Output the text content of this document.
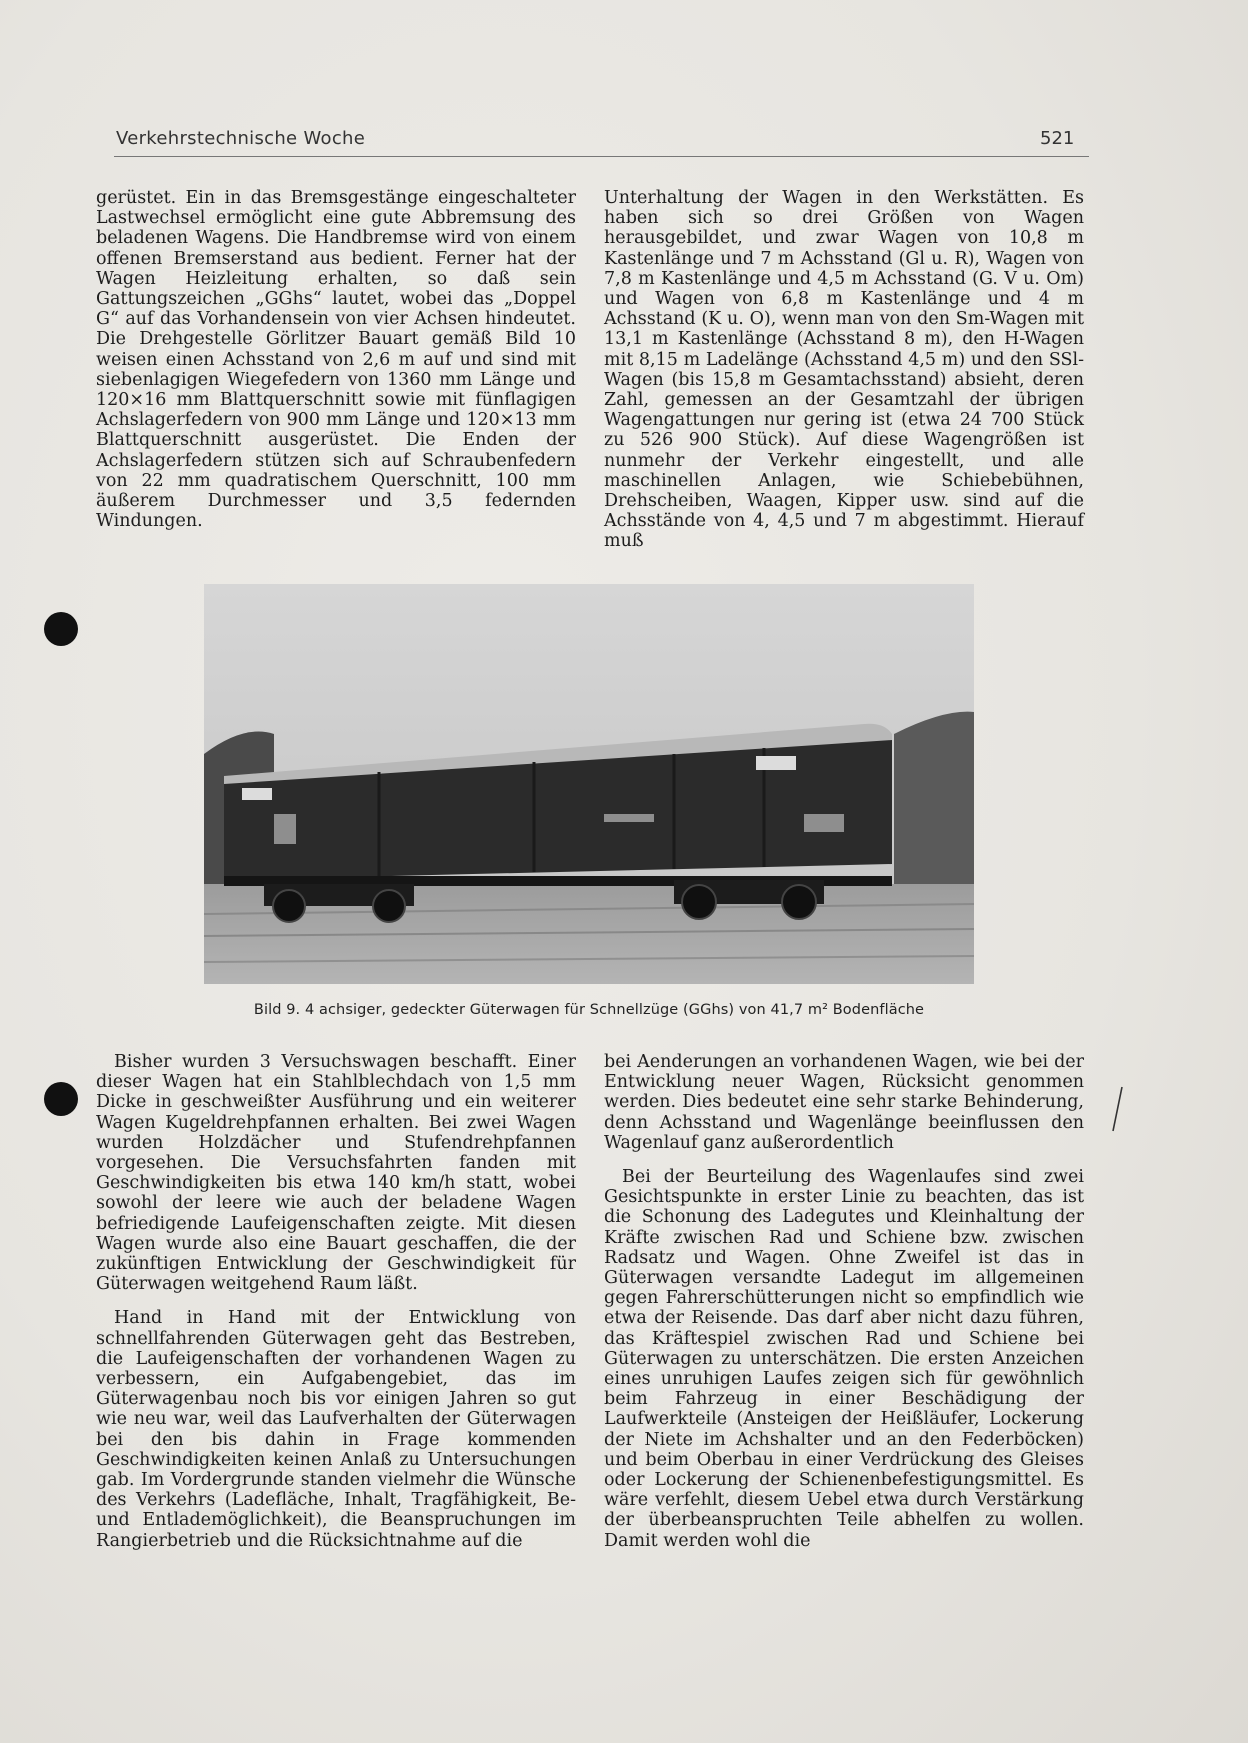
Verkehrstechnische Woche	521

gerüstet. Ein in das Bremsgestänge eingeschalteter Lastwechsel ermöglicht eine gute Abbremsung des beladenen Wagens. Die Handbremse wird von einem offenen Bremserstand aus bedient. Ferner hat der Wagen Heizleitung erhalten, so daß sein Gattungszeichen „GGhs“ lautet, wobei das „Doppel G“ auf das Vorhandensein von vier Achsen hindeutet. Die Drehgestelle Görlitzer Bauart gemäß Bild 10 weisen einen Achsstand von 2,6 m auf und sind mit siebenlagigen Wiegefedern von 1360 mm Länge und 120×16 mm Blattquerschnitt sowie mit fünflagigen Achslagerfedern von 900 mm Länge und 120×13 mm Blattquerschnitt ausgerüstet. Die Enden der Achslagerfedern stützen sich auf Schraubenfedern von 22 mm quadratischem Querschnitt, 100 mm äußerem Durchmesser und 3,5 federnden Windungen.

Unterhaltung der Wagen in den Werkstätten. Es haben sich so drei Größen von Wagen herausgebildet, und zwar Wagen von 10,8 m Kastenlänge und 7 m Achsstand (Gl u. R), Wagen von 7,8 m Kastenlänge und 4,5 m Achsstand (G. V u. Om) und Wagen von 6,8 m Kastenlänge und 4 m Achsstand (K u. O), wenn man von den Sm-Wagen mit 13,1 m Kastenlänge (Achsstand 8 m), den H-Wagen mit 8,15 m Ladelänge (Achsstand 4,5 m) und den SSl-Wagen (bis 15,8 m Gesamtachsstand) absieht, deren Zahl, gemessen an der Gesamtzahl der übrigen Wagengattungen nur gering ist (etwa 24 700 Stück zu 526 900 Stück). Auf diese Wagengrößen ist nunmehr der Verkehr eingestellt, und alle maschinellen Anlagen, wie Schiebebühnen, Drehscheiben, Waagen, Kipper usw. sind auf die Achsstände von 4, 4,5 und 7 m abgestimmt. Hierauf muß

Bild 9. 4 achsiger, gedeckter Güterwagen für Schnellzüge (GGhs) von 41,7 m² Bodenfläche

Bisher wurden 3 Versuchswagen beschafft. Einer dieser Wagen hat ein Stahlblechdach von 1,5 mm Dicke in geschweißter Ausführung und ein weiterer Wagen Kugeldrehpfannen erhalten. Bei zwei Wagen wurden Holzdächer und Stufendrehpfannen vorgesehen. Die Versuchsfahrten fanden mit Geschwindigkeiten bis etwa 140 km/h statt, wobei sowohl der leere wie auch der beladene Wagen befriedigende Laufeigenschaften zeigte. Mit diesen Wagen wurde also eine Bauart geschaffen, die der zukünftigen Entwicklung der Geschwindigkeit für Güterwagen weitgehend Raum läßt.

Hand in Hand mit der Entwicklung von schnellfahrenden Güterwagen geht das Bestreben, die Laufeigenschaften der vorhandenen Wagen zu verbessern, ein Aufgabengebiet, das im Güterwagenbau noch bis vor einigen Jahren so gut wie neu war, weil das Laufverhalten der Güterwagen bei den bis dahin in Frage kommenden Geschwindigkeiten keinen Anlaß zu Untersuchungen gab. Im Vordergrunde standen vielmehr die Wünsche des Verkehrs (Ladefläche, Inhalt, Tragfähigkeit, Be- und Entlademöglichkeit), die Beanspruchungen im Rangierbetrieb und die Rücksichtnahme auf die

bei Aenderungen an vorhandenen Wagen, wie bei der Entwicklung neuer Wagen, Rücksicht genommen werden. Dies bedeutet eine sehr starke Behinderung, denn Achsstand und Wagenlänge beeinflussen den Wagenlauf ganz außerordentlich

Bei der Beurteilung des Wagenlaufes sind zwei Gesichtspunkte in erster Linie zu beachten, das ist die Schonung des Ladegutes und Kleinhaltung der Kräfte zwischen Rad und Schiene bzw. zwischen Radsatz und Wagen. Ohne Zweifel ist das in Güterwagen versandte Ladegut im allgemeinen gegen Fahrerschütterungen nicht so empfindlich wie etwa der Reisende. Das darf aber nicht dazu führen, das Kräftespiel zwischen Rad und Schiene bei Güterwagen zu unterschätzen. Die ersten Anzeichen eines unruhigen Laufes zeigen sich für gewöhnlich beim Fahrzeug in einer Beschädigung der Laufwerkteile (Ansteigen der Heißläufer, Lockerung der Niete im Achshalter und an den Federböcken) und beim Oberbau in einer Verdrückung des Gleises oder Lockerung der Schienenbefestigungsmittel. Es wäre verfehlt, diesem Uebel etwa durch Verstärkung der überbeanspruchten Teile abhelfen zu wollen. Damit werden wohl die
